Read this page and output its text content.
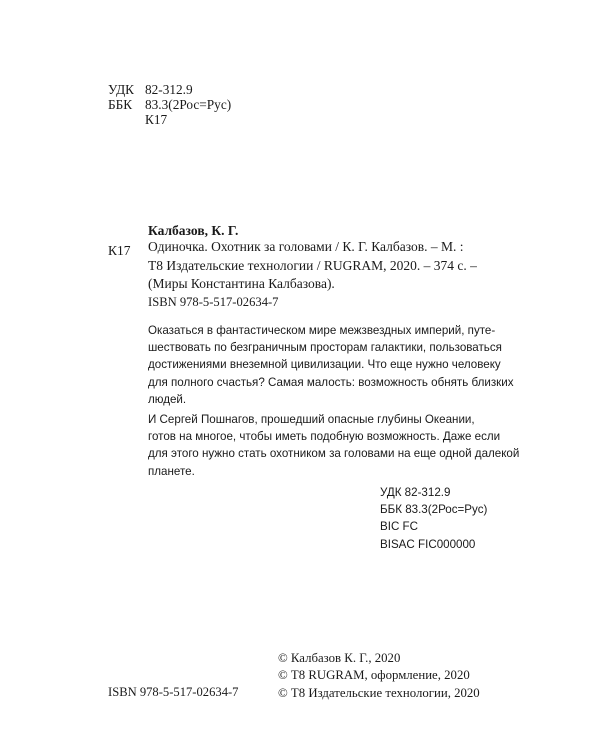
УДК 82-312.9
ББК 83.3(2Рос=Рус)
К17
Калбазов, К. Г.
К17 Одиночка. Охотник за головами / К. Г. Калбазов. – М. :
Т8 Издательские технологии / RUGRAM, 2020. – 374 с. –
(Миры Константина Калбазова).
ISBN 978-5-517-02634-7
Оказаться в фантастическом мире межзвездных империй, путе-
шествовать по безграничным просторам галактики, пользоваться
достижениями внеземной цивилизации. Что еще нужно человеку
для полного счастья? Самая малость: возможность обнять близких
людей.
И Сергей Пошнагов, прошедший опасные глубины Океании,
готов на многое, чтобы иметь подобную возможность. Даже если
для этого нужно стать охотником за головами на еще одной далекой
планете.
УДК 82-312.9
ББК 83.3(2Рос=Рус)
BIC FC
BISAC FIC000000
© Калбазов К. Г., 2020
© Т8 RUGRAM, оформление, 2020
© Т8 Издательские технологии, 2020
ISBN 978-5-517-02634-7
